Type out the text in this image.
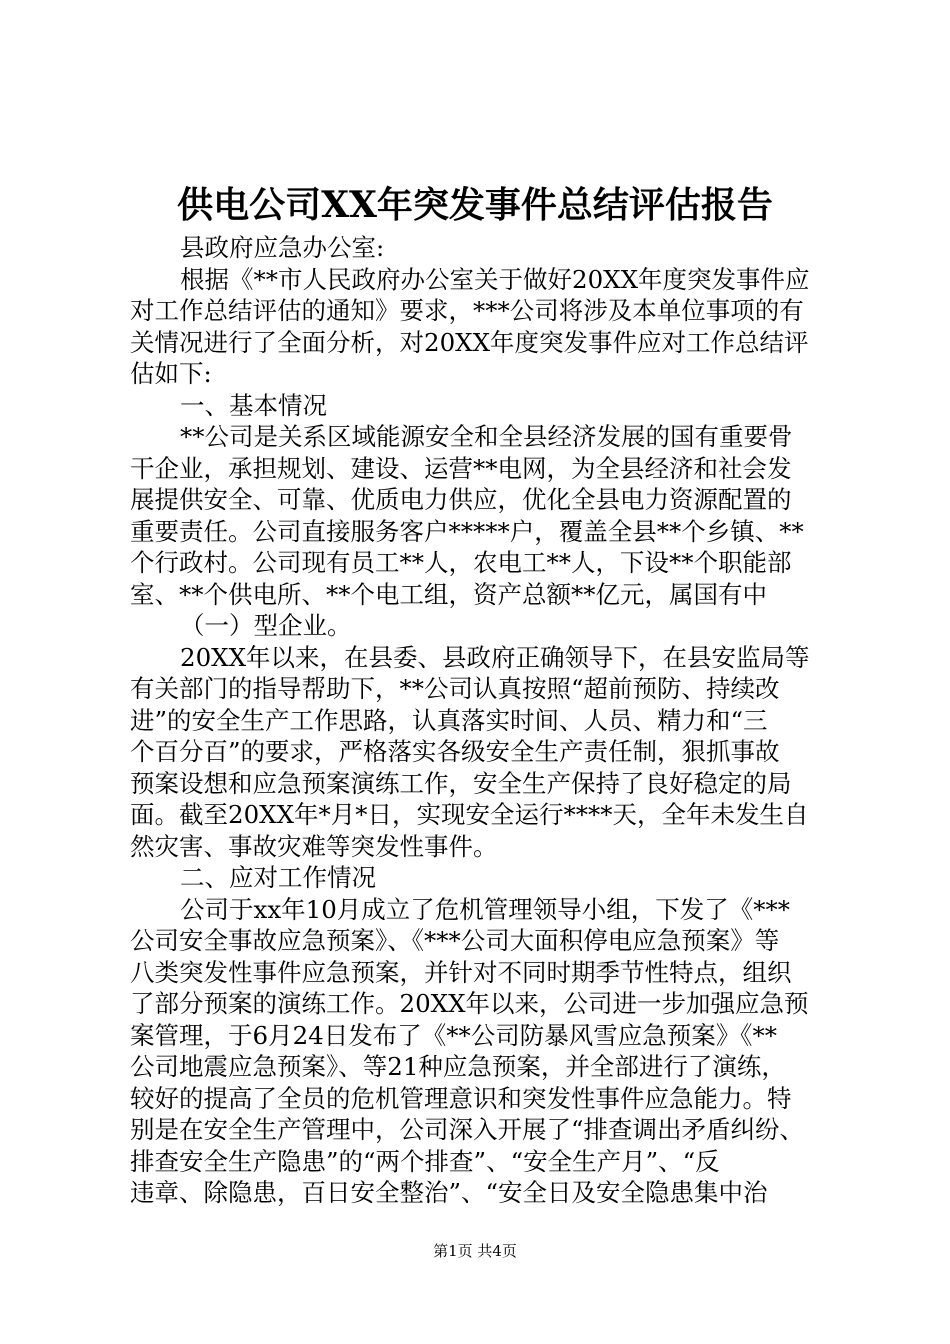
供电公司XX年突发事件总结评估报告
县政府应急办公室:
根据《**市人民政府办公室关于做好20XX年度突发事件应
对工作总结评估的通知》要求，***公司将涉及本单位事项的有
关情况进行了全面分析，对20XX年度突发事件应对工作总结评
估如下:
一、基本情况
**公司是关系区域能源安全和全县经济发展的国有重要骨
干企业，承担规划、建设、运营**电网，为全县经济和社会发
展提供安全、可靠、优质电力供应，优化全县电力资源配置的
重要责任。公司直接服务客户*****户，覆盖全县**个乡镇、**
个行政村。公司现有员工**人，农电工**人，下设**个职能部
室、**个供电所、**个电工组，资产总额**亿元，属国有中
（一）型企业。
20XX年以来，在县委、县政府正确领导下，在县安监局等
有关部门的指导帮助下，**公司认真按照“超前预防、持续改
进”的安全生产工作思路，认真落实时间、人员、精力和“三
个百分百”的要求，严格落实各级安全生产责任制，狠抓事故
预案设想和应急预案演练工作，安全生产保持了良好稳定的局
面。截至20XX年*月*日，实现安全运行****天，全年未发生自
然灾害、事故灾难等突发性事件。
二、应对工作情况
公司于xx年10月成立了危机管理领导小组，下发了《***
公司安全事故应急预案》、《***公司大面积停电应急预案》等
八类突发性事件应急预案，并针对不同时期季节性特点，组织
了部分预案的演练工作。20XX年以来，公司进一步加强应急预
案管理，于6月24日发布了《**公司防暴风雪应急预案》《**
公司地震应急预案》、等21种应急预案，并全部进行了演练，
较好的提高了全员的危机管理意识和突发性事件应急能力。特
别是在安全生产管理中，公司深入开展了“排查调出矛盾纠纷、
排查安全生产隐患”的“两个排查”、“安全生产月”、“反
违章、除隐患，百日安全整治”、“安全日及安全隐患集中治
第1页 共4页
